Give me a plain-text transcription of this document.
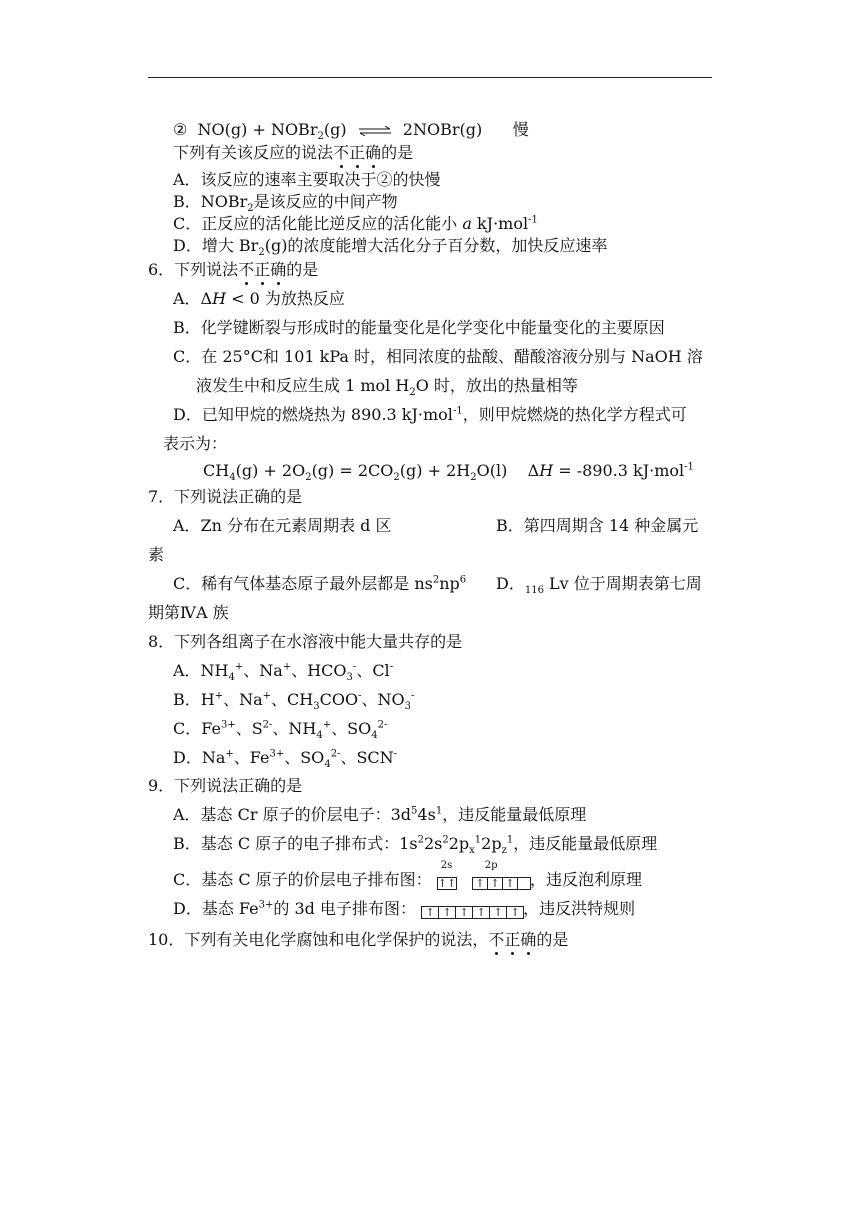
② NO(g) + NOBr$_2$(g) ⇌ 2NOBr(g) 慢
下列有关该反应的说法不正确的是
A．该反应的速率主要取决于②的快慢
B．NOBr$_2$是该反应的中间产物
C．正反应的活化能比逆反应的活化能小 a kJ·mol$^{-1}$
D．增大 $Br_2(g)$的浓度能增大活化分子百分数，加快反应速率
6．下列说法不正确的是
A．ΔH < 0 为放热反应
B．化学键断裂与形成时的能量变化是化学变化中能量变化的主要原因
C．在 25°C和 101 kPa 时，相同浓度的盐酸、醋酸溶液分别与 NaOH 溶
液发生中和反应生成 1 mol $H_2O$ 时，放出的热量相等
D．已知甲烷的燃烧热为 890.3 kJ·mol$^{-1}$，则甲烷燃烧的热化学方程式可
表示为：
$CH_4(g) + 2O_2(g) = 2CO_2(g) + 2H_2O(l)$    ΔH = -890.3 kJ·mol$^{-1}$
7．下列说法正确的是
A．Zn 分布在元素周期表 d 区	B．第四周期含 14 种金属元
素
C．稀有气体基态原子最外层都是 $ns^2np^6$ D．$_{116}$ Lv 位于周期表第七周
期第ⅣA 族
8．下列各组离子在水溶液中能大量共存的是
A．$NH_4^+$、Na+、$HCO_3^-$、Cl-
B．H+、Na+、$CH_3COO^-$、$NO_3^-$
C．$Fe^{3+}$、$S^{2-}$、$NH_4^+$、$SO_4^{2-}$
D．Na+、$Fe^{3+}$、$SO_4^{2-}$、SCN-
9．下列说法正确的是
A．基态 Cr 原子的价层电子：$3d^54s^1$，违反能量最低原理
B．基态 C 原子的电子排布式：$1s^22s^22p_x^12p_z^1$，违反能量最低原理
C．基态 C 原子的价层电子排布图：
2s	2p
↑↑ ↑ ↑ ↑ ，违反泡利原理
D．基态 $Fe^{3+}$的 3d 电子排布图： ↑ ↑ ↑ ↑ ↑ ↑ ，违反洪特规则
10．下列有关电化学腐蚀和电化学保护的说法，不正确的是
